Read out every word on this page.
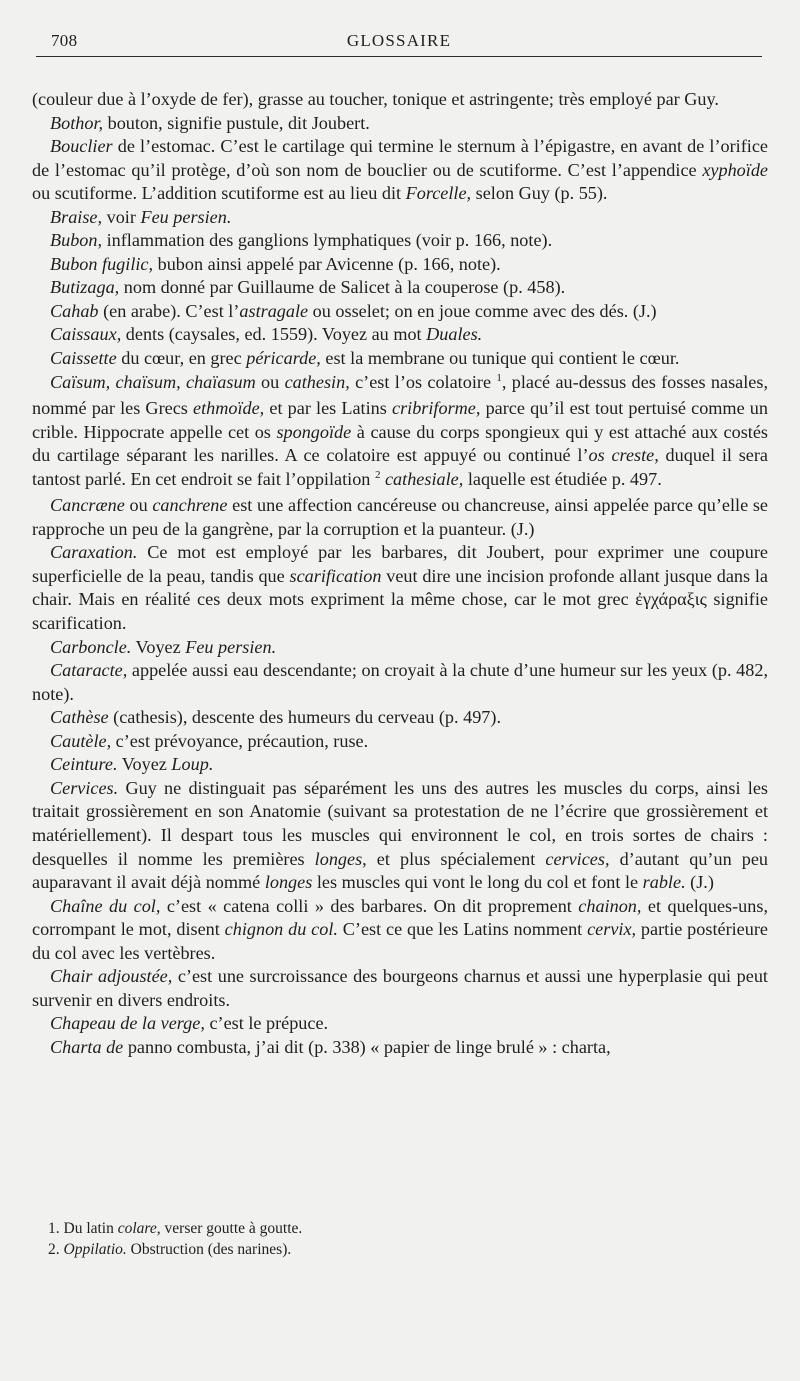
708	GLOSSAIRE

(couleur due à l’oxyde de fer), grasse au toucher, tonique et astringente; très employé par Guy.

Bothor, bouton, signifie pustule, dit Joubert.

Bouclier de l’estomac. C’est le cartilage qui termine le sternum à l’épigastre, en avant de l’orifice de l’estomac qu’il protège, d’où son nom de bouclier ou de scutiforme. C’est l’appendice xyphoïde ou scutiforme. L’addition scutiforme est au lieu dit Forcelle, selon Guy (p. 55).

Braise, voir Feu persien.

Bubon, inflammation des ganglions lymphatiques (voir p. 166, note).

Bubon fugilic, bubon ainsi appelé par Avicenne (p. 166, note).

Butizaga, nom donné par Guillaume de Salicet à la couperose (p. 458).

Cahab (en arabe). C’est l’astragale ou osselet; on en joue comme avec des dés. (J.)

Caissaux, dents (caysales, ed. 1559). Voyez au mot Duales.

Caissette du cœur, en grec péricarde, est la membrane ou tunique qui contient le cœur.

Caïsum, chaïsum, chaïasum ou cathesin, c’est l’os colatoire $^1$, placé au-dessus des fosses nasales, nommé par les Grecs ethmoïde, et par les Latins cribriforme, parce qu’il est tout pertuisé comme un crible. Hippocrate appelle cet os spongoïde à cause du corps spongieux qui y est attaché aux costés du cartilage séparant les narilles. A ce colatoire est appuyé ou continué l’os creste, duquel il sera tantost parlé. En cet endroit se fait l’oppilation $^2$ cathesiale, laquelle est étudiée p. 497.

Cancræne ou canchrene est une affection cancéreuse ou chancreuse, ainsi appelée parce qu’elle se rapproche un peu de la gangrène, par la corruption et la puanteur. (J.)

Caraxation. Ce mot est employé par les barbares, dit Joubert, pour exprimer une coupure superficielle de la peau, tandis que scarification veut dire une incision profonde allant jusque dans la chair. Mais en réalité ces deux mots expriment la même chose, car le mot grec ἐγχάραξις signifie scarification.

Carboncle. Voyez Feu persien.

Cataracte, appelée aussi eau descendante; on croyait à la chute d’une humeur sur les yeux (p. 482, note).

Cathèse (cathesis), descente des humeurs du cerveau (p. 497).

Cautèle, c’est prévoyance, précaution, ruse.

Ceinture. Voyez Loup.

Cervices. Guy ne distinguait pas séparément les uns des autres les muscles du corps, ainsi les traitait grossièrement en son Anatomie (suivant sa protestation de ne l’écrire que grossièrement et matériellement). Il despart tous les muscles qui environnent le col, en trois sortes de chairs : desquelles il nomme les premières longes, et plus spécialement cervices, d’autant qu’un peu auparavant il avait déjà nommé longes les muscles qui vont le long du col et font le rable. (J.)

Chaîne du col, c’est « catena colli » des barbares. On dit proprement chainon, et quelques-uns, corrompant le mot, disent chignon du col. C’est ce que les Latins nomment cervix, partie postérieure du col avec les vertèbres.

Chair adjoustée, c’est une surcroissance des bourgeons charnus et aussi une hyperplasie qui peut survenir en divers endroits.

Chapeau de la verge, c’est le prépuce.

Charta de panno combusta, j’ai dit (p. 338) « papier de linge brulé » : charta,

1. Du latin colare, verser goutte à goutte.

2. Oppilatio. Obstruction (des narines).
